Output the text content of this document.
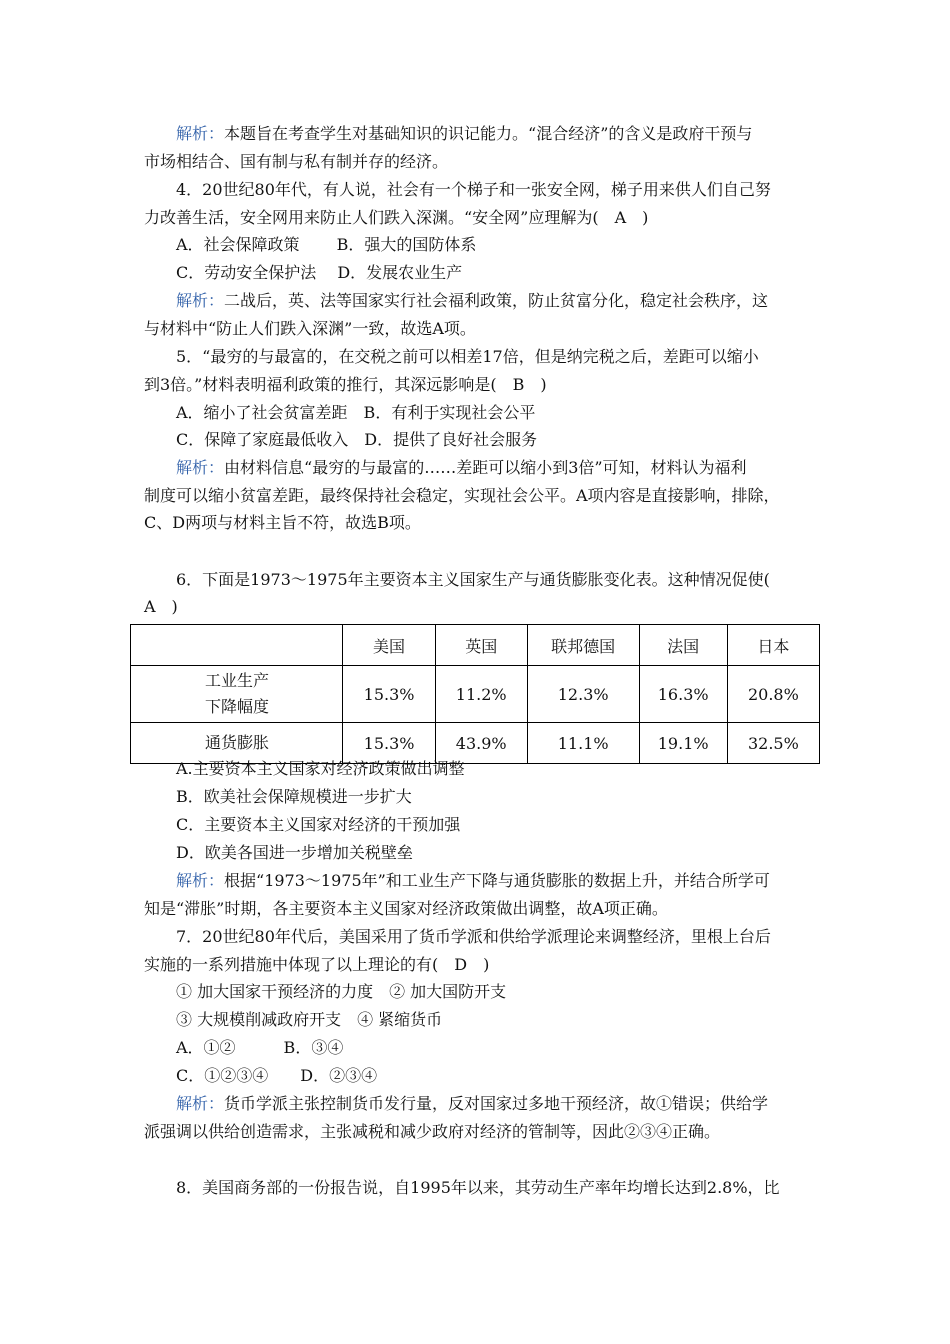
解析：本题旨在考查学生对基础知识的识记能力。“混合经济”的含义是政府干预与
市场相结合、国有制与私有制并存的经济。
4．20世纪80年代，有人说，社会有一个梯子和一张安全网，梯子用来供人们自己努
力改善生活，安全网用来防止人们跌入深渊。“安全网”应理解为(　A　)
A．社会保障政策　　 B．强大的国防体系
C．劳动安全保护法　 D．发展农业生产
解析：二战后，英、法等国家实行社会福利政策，防止贫富分化，稳定社会秩序，这
与材料中“防止人们跌入深渊”一致，故选A项。
5．“最穷的与最富的，在交税之前可以相差17倍，但是纳完税之后，差距可以缩小
到3倍。”材料表明福利政策的推行，其深远影响是(　B　)
A．缩小了社会贫富差距　B．有利于实现社会公平
C．保障了家庭最低收入　D．提供了良好社会服务
解析：由材料信息“最穷的与最富的……差距可以缩小到3倍”可知，材料认为福利
制度可以缩小贫富差距，最终保持社会稳定，实现社会公平。A项内容是直接影响，排除，
C、D两项与材料主旨不符，故选B项。
6．下面是1973～1975年主要资本主义国家生产与通货膨胀变化表。这种情况促使(
A　)
	美国	英国	联邦德国	法国	日本
工业生产
下降幅度	15.3%	11.2%	12.3%	16.3%	20.8%
通货膨胀	15.3%	43.9%	11.1%	19.1%	32.5%
A.主要资本主义国家对经济政策做出调整
B．欧美社会保障规模进一步扩大
C．主要资本主义国家对经济的干预加强
D．欧美各国进一步增加关税壁垒
解析：根据“1973～1975年”和工业生产下降与通货膨胀的数据上升，并结合所学可
知是“滞胀”时期，各主要资本主义国家对经济政策做出调整，故A项正确。
7．20世纪80年代后，美国采用了货币学派和供给学派理论来调整经济，里根上台后
实施的一系列措施中体现了以上理论的有(　D　)
① 加大国家干预经济的力度　② 加大国防开支
③ 大规模削减政府开支　④ 紧缩货币
A．①②　　　B．③④
C．①②③④　　D．②③④
解析：货币学派主张控制货币发行量，反对国家过多地干预经济，故①错误；供给学
派强调以供给创造需求，主张减税和减少政府对经济的管制等，因此②③④正确。
8．美国商务部的一份报告说，自1995年以来，其劳动生产率年均增长达到2.8%，比
